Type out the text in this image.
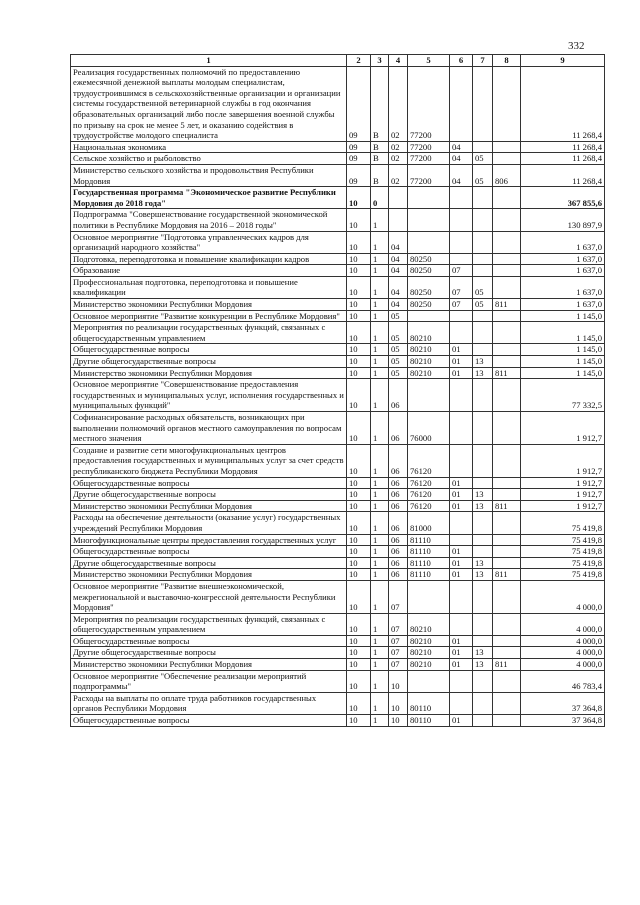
332
1	2	3	4	5	6	7	8	9
Реализация государственных полномочий по предоставлению ежемесячной денежной выплаты молодым специалистам, трудоустроившимся в сельскохозяйственные организации и организации системы государственной ветеринарной службы в год окончания образовательных организаций либо после завершения военной службы по призыву на срок не менее 5 лет, и оказанию содействия в трудоустройстве молодого специалиста	09	В	02	77200				11 268,4
Национальная экономика	09	В	02	77200	04			11 268,4
Сельское хозяйство и рыболовство	09	В	02	77200	04	05		11 268,4
Министерство сельского хозяйства и продовольствия Республики Мордовия	09	В	02	77200	04	05	806	11 268,4
Государственная программа "Экономическое развитие Республики Мордовия до 2018 года"	10	0						367 855,6
Подпрограмма "Совершенствование государственной экономической политики в Республике Мордовия на 2016 – 2018 годы"	10	1						130 897,9
Основное мероприятие "Подготовка управленческих кадров для организаций народного хозяйства"	10	1	04					1 637,0
Подготовка, переподготовка и повышение квалификации кадров	10	1	04	80250				1 637,0
Образование	10	1	04	80250	07			1 637,0
Профессиональная подготовка, переподготовка и повышение квалификации	10	1	04	80250	07	05		1 637,0
Министерство экономики Республики Мордовия	10	1	04	80250	07	05	811	1 637,0
Основное мероприятие "Развитие конкуренции в Республике Мордовия"	10	1	05					1 145,0
Мероприятия по реализации государственных функций, связанных с общегосударственным управлением	10	1	05	80210				1 145,0
Общегосударственные вопросы	10	1	05	80210	01			1 145,0
Другие общегосударственные вопросы	10	1	05	80210	01	13		1 145,0
Министерство экономики Республики Мордовия	10	1	05	80210	01	13	811	1 145,0
Основное мероприятие "Совершенствование предоставления государственных и муниципальных услуг, исполнения государственных и муниципальных функций"	10	1	06					77 332,5
Софинансирование расходных обязательств, возникающих при выполнении полномочий органов местного самоуправления по вопросам местного значения	10	1	06	76000				1 912,7
Создание и развитие сети многофункциональных центров предоставления государственных и муниципальных услуг за счет средств республиканского бюджета Республики Мордовия	10	1	06	76120				1 912,7
Общегосударственные вопросы	10	1	06	76120	01			1 912,7
Другие общегосударственные вопросы	10	1	06	76120	01	13		1 912,7
Министерство экономики Республики Мордовия	10	1	06	76120	01	13	811	1 912,7
Расходы на обеспечение деятельности (оказание услуг) государственных учреждений Республики Мордовия	10	1	06	81000				75 419,8
Многофункциональные центры предоставления государственных услуг	10	1	06	81110				75 419,8
Общегосударственные вопросы	10	1	06	81110	01			75 419,8
Другие общегосударственные вопросы	10	1	06	81110	01	13		75 419,8
Министерство экономики Республики Мордовия	10	1	06	81110	01	13	811	75 419,8
Основное мероприятие "Развитие внешнеэкономической, межрегиональной и выставочно-конгрессной деятельности Республики Мордовия"	10	1	07					4 000,0
Мероприятия по реализации государственных функций, связанных с общегосударственным управлением	10	1	07	80210				4 000,0
Общегосударственные вопросы	10	1	07	80210	01			4 000,0
Другие общегосударственные вопросы	10	1	07	80210	01	13		4 000,0
Министерство экономики Республики Мордовия	10	1	07	80210	01	13	811	4 000,0
Основное мероприятие "Обеспечение реализации мероприятий подпрограммы"	10	1	10					46 783,4
Расходы на выплаты по оплате труда работников государственных органов Республики Мордовия	10	1	10	80110				37 364,8
Общегосударственные вопросы	10	1	10	80110	01			37 364,8
